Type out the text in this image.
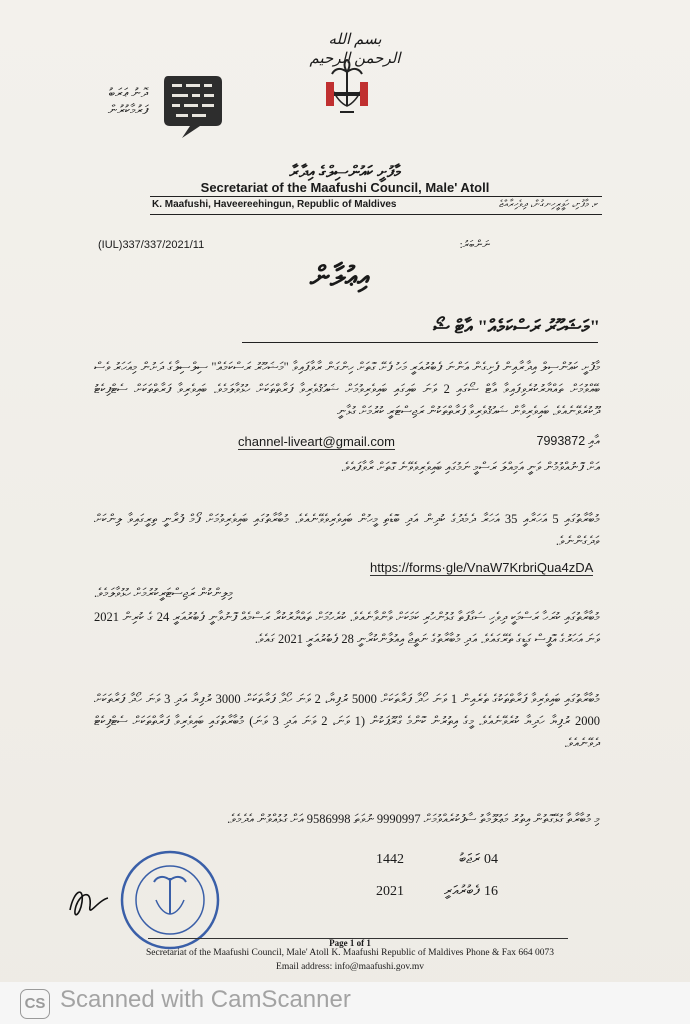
بسم الله الرحمن الرحيم
ދޮނު ޢަރަބު
ފަރުމާކުރުން
މާފުށީ ކައުންސިލްގެ އިދާރާ
Secretariat of the Maafushi Council, Male' Atoll
K. Maafushi, Haveereehingun, Republic of Maldives	ކ. މާފުށި، ހަވީރީހިނގުން، ދިވެހިރާއްޖެ
(IUL)337/337/2021/11	ނަންބަރު:
އިޢުލާން
"މަޝަހޫރު ރަސްކަމެއް" އާޓް ޝޯ
މާފުށީ ކައުންސިލް އިދާރާއިން ފެށިގެން އަންނަ ފެބުރުއަރީ މަހު ފެށޭ ގޮތަށް ހިންގަން ރާވާފައިވާ "މަޝަހޫރު ރަސްކަމެއް" ސިލްސިލާގެ ދަށުން މިއަހަރު ވެސް ބޭއްވުމަށް ތައްޔާރުކުރެވިފައިވާ އާޓް ޝޯގައި 2 ވަނަ ބައިގައި ބައިވެރިވުމަށް ޝައުޤުވެރިވާ ފަރާތްތަކަށް ހުޅުވާލަމެވެ. ބައިވެރިވާ ފަރާތްތަކަށް ސެޓްފިކެޓު ދޫކުރެވޭނެއެވެ. ބައިވެރިވާން ޝައުޤުވެރިވާ ފަރާތްތަކުން ރަޖިސްޓަރީ ކުރުމަށް ގުޅާނީ
އާއި 7993872
channel-liveart@gmail.com
އަށް ފޮނުއްވުމުން ވަނީ އަމިއްލަ ރަސްމީ ނަމުގައި ބައިވެރިވެވޭނެ ގޮތަށް ރާވާފައެވެ.
މުބާރާތުގައި 5 އަހަރާއި 35 އަހަރާ ދެމެދުގެ ކުދިން އަދި ބޮޑެތި މީހުން ބައިވެރިވެވޭނެއެވެ. މުބާރާތުގައި ބައިވެރިވުމަށް ފޯމް ފުރާނީ ތިރީގައިވާ ލިންކަށް ވަދެގެންނެވެ.
https://forms·gle/VnaW7KrbriQua4zDA
މިލިންކުން ރަޖިސްޓަރީކުރުމަށް ހުޅުވާލަމެވެ.
މުބާރާތުގައި ކުރަހާ ރަސްމަކީ ދިވެހި ސަގާފަތާ ގުޅުންހުރި ކަމަކަށް ވާންވާނެއެވެ. ކުރެހުމަށް ތައްޔާރުކުރާ ރަސްމެއް ފޮނުވާނީ ފެބުރުއަރީ 24 ގެ ކުރިން 2021 ވަނަ އަހަރުގެ އޮފީސް ގަޑީގެ ތެރޭގައެވެ. އަދި މުބާރާތުގެ ނަތީޖާ އިއުލާންކުރާނީ 28 ފެބުރުއަރީ 2021 ގައެވެ.
މުބާރާތުގައި ބައިވެރިވާ ފަރާތްތަކުގެ ތެރެއިން 1 ވަނަ ހޯދާ ފަރާތަކަށް 5000 ރުފިޔާ، 2 ވަނަ ހޯދާ ފަރާތަކަށް 3000 ރުފިޔާ އަދި 3 ވަނަ ހޯދާ ފަރާތަކަށް 2000 ރުފިޔާ ހަދިޔާ ކުރެވޭނެއެވެ. މީގެ އިތުރުން ކޮންމެ ގްރޫޕަކުން (1 ވަނަ، 2 ވަނަ އަދި 3 ވަނަ) މުބާރާތުގައި ބައިވެރިވާ ފަރާތްތަކަށް ސެޓްފިކެޓް ދެވޭނެއެވެ.
މި މުބާރާތާ ގުޅޭގޮތުން އިތުރު މަޢުލޫމާތު ސާފުކުރެއްވުމަށް 9990997 ނުވަތަ 9586998 އަށް ގުޅުއްވުން އެދެމެވެ.
1442	ރަޖަބު 04
2021	ފެބުރުއަރީ 16
Page 1 of 1
Secretariat of the Maafushi Council, Male' Atoll K. Maafushi Republic of Maldives Phone & Fax 664 0073
Email address: info@maafushi.gov.mv
CS Scanned with CamScanner
